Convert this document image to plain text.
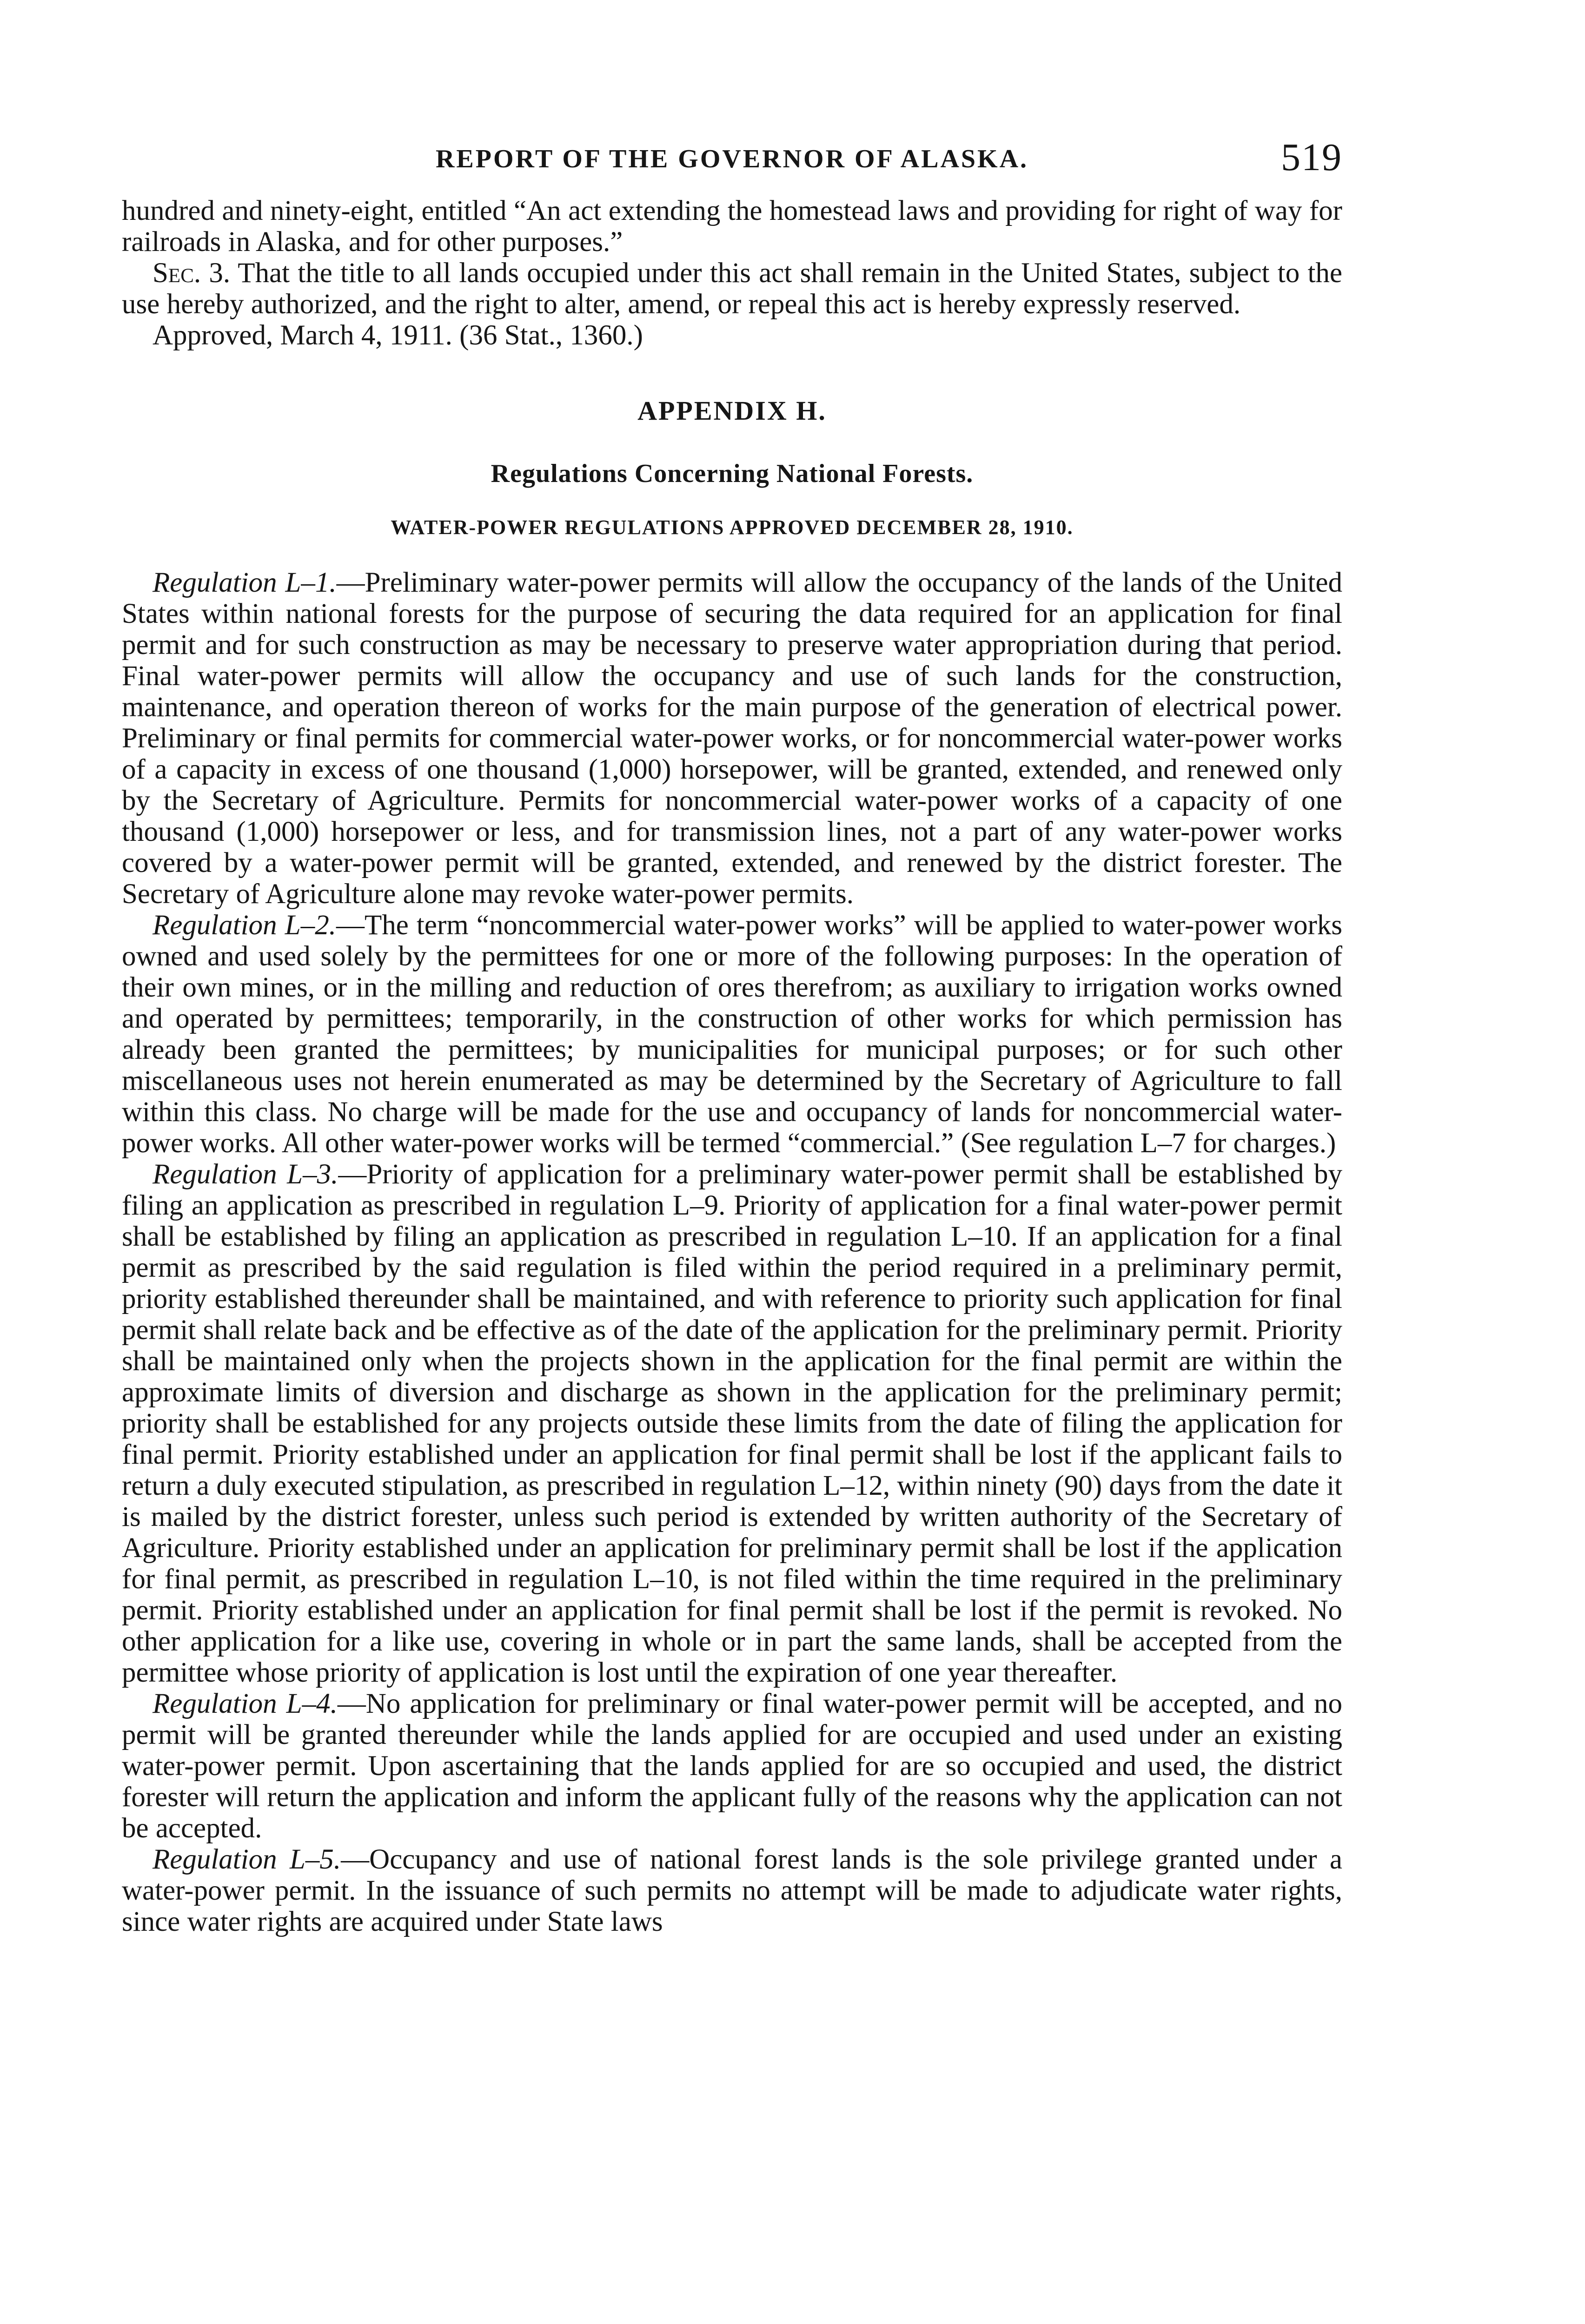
REPORT OF THE GOVERNOR OF ALASKA.	519

hundred and ninety-eight, entitled “An act extending the homestead laws and providing for right of way for railroads in Alaska, and for other purposes.”

Sec. 3. That the title to all lands occupied under this act shall remain in the United States, subject to the use hereby authorized, and the right to alter, amend, or repeal this act is hereby expressly reserved.

Approved, March 4, 1911. (36 Stat., 1360.)

APPENDIX H.
Regulations Concerning National Forests.
WATER-POWER REGULATIONS APPROVED DECEMBER 28, 1910.

Regulation L–1.—Preliminary water-power permits will allow the occupancy of the lands of the United States within national forests for the purpose of securing the data required for an application for final permit and for such construction as may be necessary to preserve water appropriation during that period. Final water-power permits will allow the occupancy and use of such lands for the construction, maintenance, and operation thereon of works for the main purpose of the generation of electrical power. Preliminary or final permits for commercial water-power works, or for noncommercial water-power works of a capacity in excess of one thousand (1,000) horsepower, will be granted, extended, and renewed only by the Secretary of Agriculture. Permits for noncommercial water-power works of a capacity of one thousand (1,000) horsepower or less, and for transmission lines, not a part of any water-power works covered by a water-power permit will be granted, extended, and renewed by the district forester. The Secretary of Agriculture alone may revoke water-power permits.

Regulation L–2.—The term “noncommercial water-power works” will be applied to water-power works owned and used solely by the permittees for one or more of the following purposes: In the operation of their own mines, or in the milling and reduction of ores therefrom; as auxiliary to irrigation works owned and operated by permittees; temporarily, in the construction of other works for which permission has already been granted the permittees; by municipalities for municipal purposes; or for such other miscellaneous uses not herein enumerated as may be determined by the Secretary of Agriculture to fall within this class. No charge will be made for the use and occupancy of lands for noncommercial water-power works. All other water-power works will be termed “commercial.” (See regulation L–7 for charges.)

Regulation L–3.—Priority of application for a preliminary water-power permit shall be established by filing an application as prescribed in regulation L–9. Priority of application for a final water-power permit shall be established by filing an application as prescribed in regulation L–10. If an application for a final permit as prescribed by the said regulation is filed within the period required in a preliminary permit, priority established thereunder shall be maintained, and with reference to priority such application for final permit shall relate back and be effective as of the date of the application for the preliminary permit. Priority shall be maintained only when the projects shown in the application for the final permit are within the approximate limits of diversion and discharge as shown in the application for the preliminary permit; priority shall be established for any projects outside these limits from the date of filing the application for final permit. Priority established under an application for final permit shall be lost if the applicant fails to return a duly executed stipulation, as prescribed in regulation L–12, within ninety (90) days from the date it is mailed by the district forester, unless such period is extended by written authority of the Secretary of Agriculture. Priority established under an application for preliminary permit shall be lost if the application for final permit, as prescribed in regulation L–10, is not filed within the time required in the preliminary permit. Priority established under an application for final permit shall be lost if the permit is revoked. No other application for a like use, covering in whole or in part the same lands, shall be accepted from the permittee whose priority of application is lost until the expiration of one year thereafter.

Regulation L–4.—No application for preliminary or final water-power permit will be accepted, and no permit will be granted thereunder while the lands applied for are occupied and used under an existing water-power permit. Upon ascertaining that the lands applied for are so occupied and used, the district forester will return the application and inform the applicant fully of the reasons why the application can not be accepted.

Regulation L–5.—Occupancy and use of national forest lands is the sole privilege granted under a water-power permit. In the issuance of such permits no attempt will be made to adjudicate water rights, since water rights are acquired under State laws
